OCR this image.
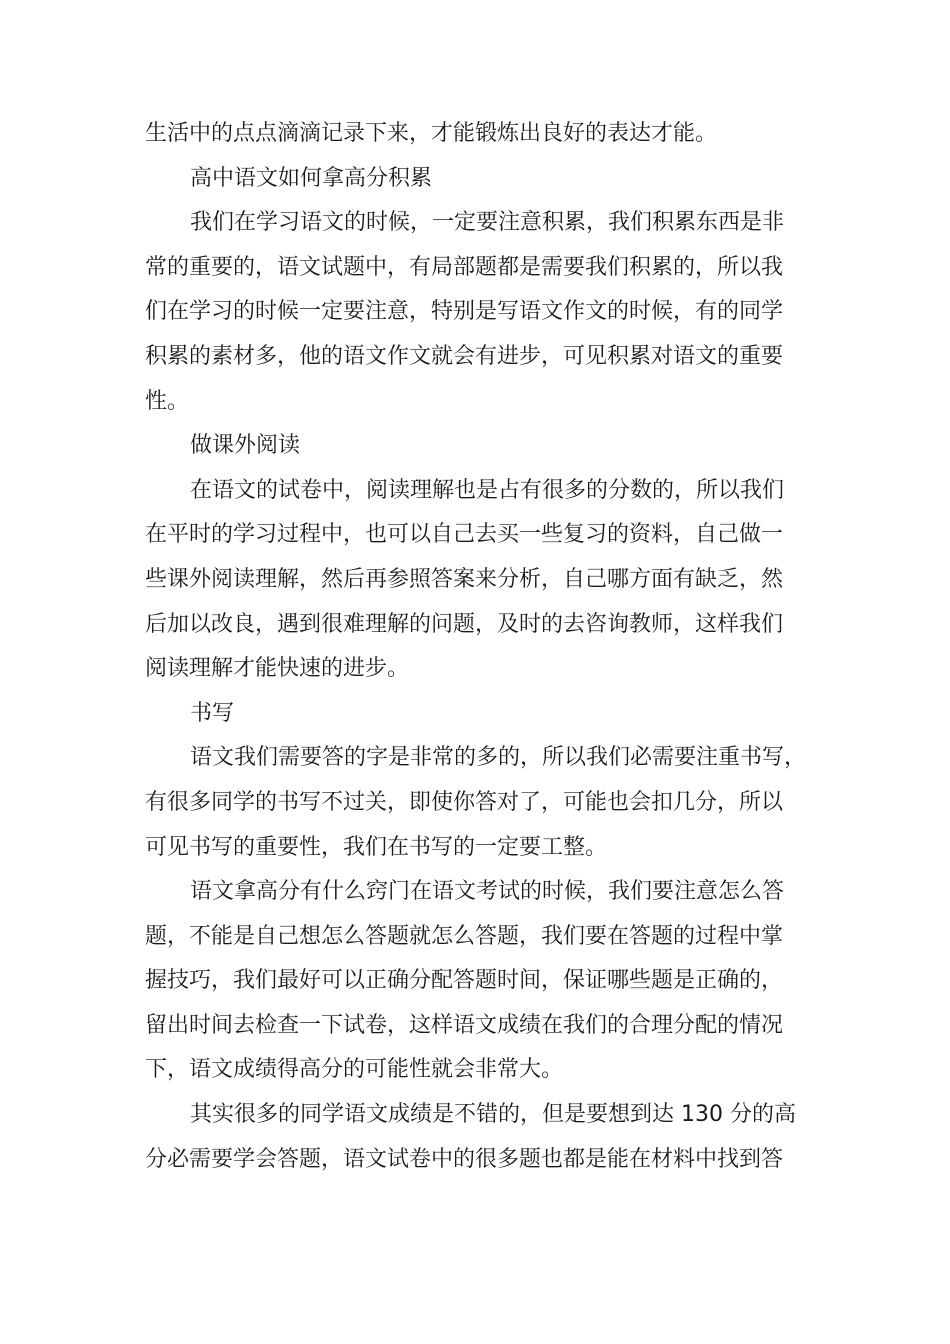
生活中的点点滴滴记录下来，才能锻炼出良好的表达才能。
高中语文如何拿高分积累
我们在学习语文的时候，一定要注意积累，我们积累东西是非
常的重要的，语文试题中，有局部题都是需要我们积累的，所以我
们在学习的时候一定要注意，特别是写语文作文的时候，有的同学
积累的素材多，他的语文作文就会有进步，可见积累对语文的重要
性。
做课外阅读
在语文的试卷中，阅读理解也是占有很多的分数的，所以我们
在平时的学习过程中，也可以自己去买一些复习的资料，自己做一
些课外阅读理解，然后再参照答案来分析，自己哪方面有缺乏，然
后加以改良，遇到很难理解的问题，及时的去咨询教师，这样我们
阅读理解才能快速的进步。
书写
语文我们需要答的字是非常的多的，所以我们必需要注重书写，
有很多同学的书写不过关，即使你答对了，可能也会扣几分，所以
可见书写的重要性，我们在书写的一定要工整。
语文拿高分有什么窍门在语文考试的时候，我们要注意怎么答
题，不能是自己想怎么答题就怎么答题，我们要在答题的过程中掌
握技巧，我们最好可以正确分配答题时间，保证哪些题是正确的，
留出时间去检查一下试卷，这样语文成绩在我们的合理分配的情况
下，语文成绩得高分的可能性就会非常大。
其实很多的同学语文成绩是不错的，但是要想到达 130 分的高
分必需要学会答题，语文试卷中的很多题也都是能在材料中找到答
